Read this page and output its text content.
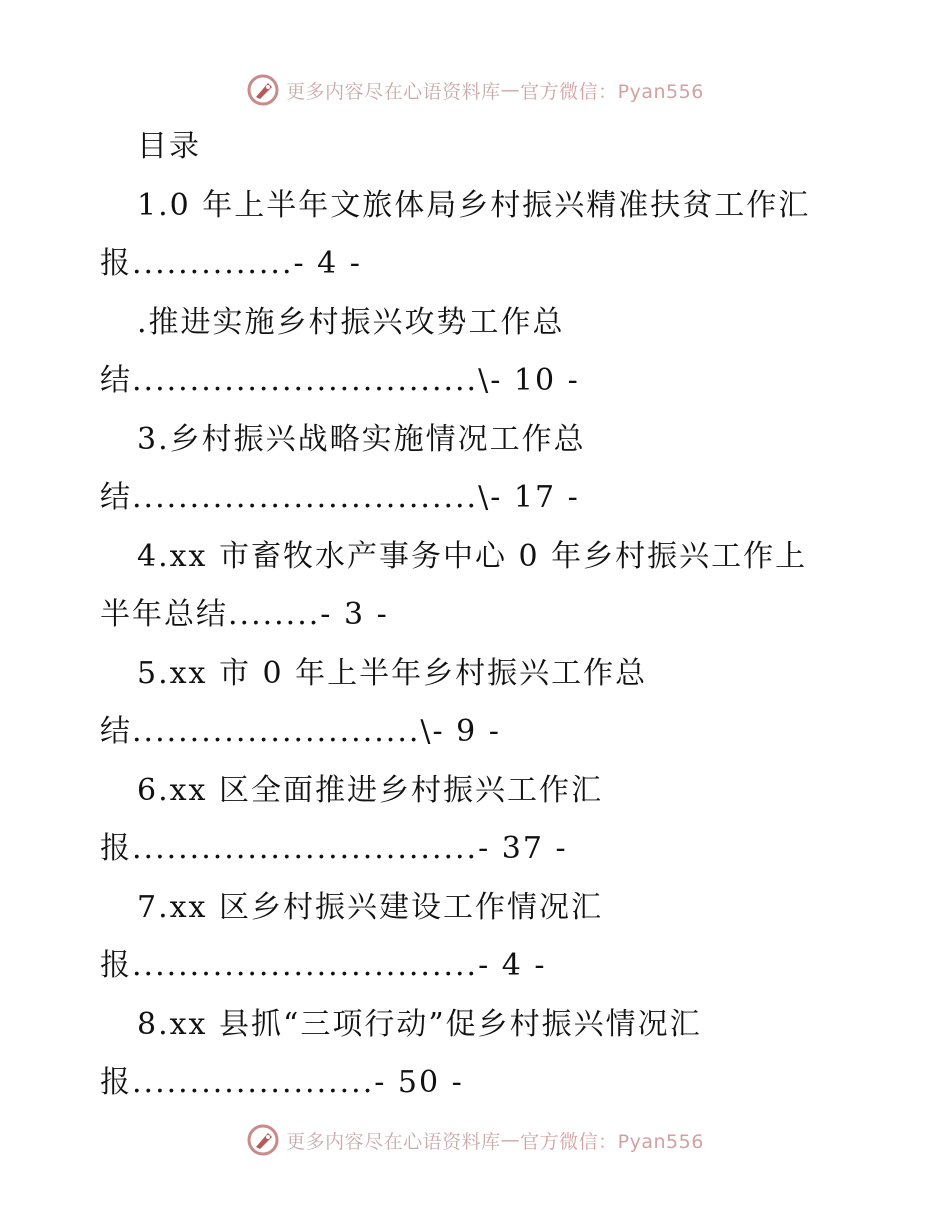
更多内容尽在心语资料库 — 官方微信：Pyan556
目录
1.0 年上半年文旅体局乡村振兴精准扶贫工作汇
报..............- 4 -
.推进实施乡村振兴攻势工作总
结..............................\- 10 -
3.乡村振兴战略实施情况工作总
结..............................\- 17 -
4.xx 市畜牧水产事务中心 0 年乡村振兴工作上
半年总结........- 3 -
5.xx 市 0 年上半年乡村振兴工作总
结.........................\- 9 -
6.xx 区全面推进乡村振兴工作汇
报..............................- 37 -
7.xx 区乡村振兴建设工作情况汇
报..............................- 4 -
8.xx 县抓“三项行动”促乡村振兴情况汇
报.....................- 50 -
更多内容尽在心语资料库 — 官方微信：Pyan556
